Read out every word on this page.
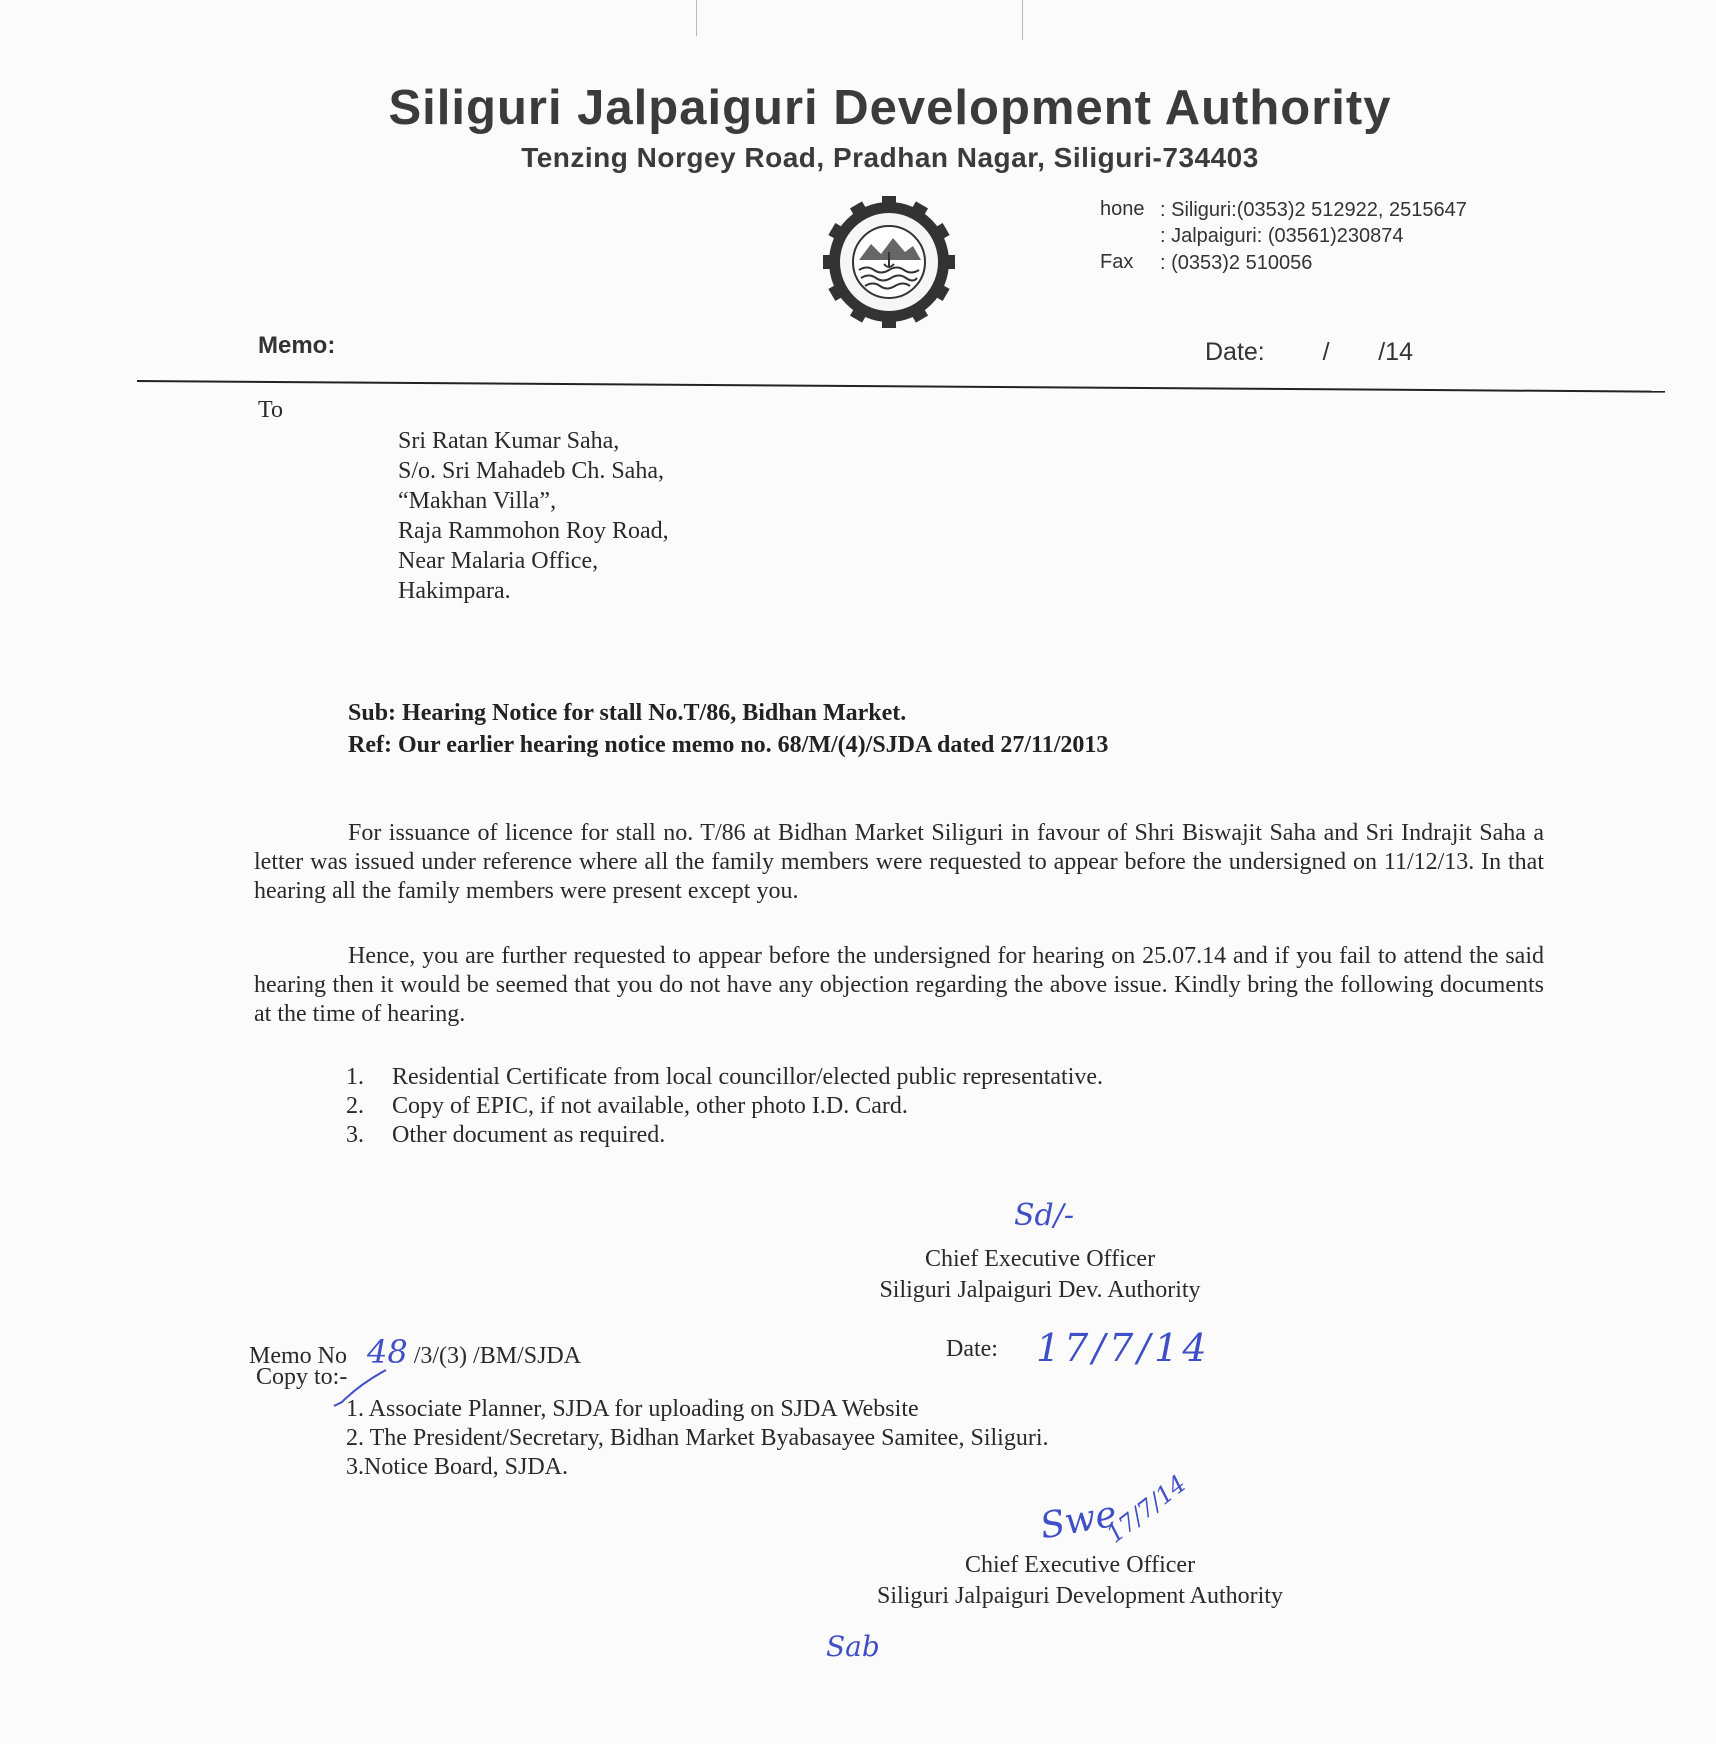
Siliguri Jalpaiguri Development Authority
Tenzing Norgey Road, Pradhan Nagar, Siliguri-734403
hone : Siliguri:(0353)2 512922, 2515647
: Jalpaiguri: (03561)230874
Fax : (0353)2 510056
Memo:	Date: /       /14
To
Sri Ratan Kumar Saha,
S/o. Sri Mahadeb Ch. Saha,
“Makhan Villa”,
Raja Rammohon Roy Road,
Near Malaria Office,
Hakimpara.
Sub: Hearing Notice for stall No.T/86, Bidhan Market.
Ref: Our earlier hearing notice memo no. 68/M/(4)/SJDA dated 27/11/2013
For issuance of licence for stall no. T/86 at Bidhan Market Siliguri in favour of Shri Biswajit Saha and Sri Indrajit Saha a letter was issued under reference where all the family members were requested to appear before the undersigned on 11/12/13. In that hearing all the family members were present except you.
Hence, you are further requested to appear before the undersigned for hearing on 25.07.14 and if you fail to attend the said hearing then it would be seemed that you do not have any objection regarding the above issue. Kindly bring the following documents at the time of hearing.
1. Residential Certificate from local councillor/elected public representative.
2. Copy of EPIC, if not available, other photo I.D. Card.
3. Other document as required.
Sd/-
Chief Executive Officer
Siliguri Jalpaiguri Dev. Authority
Memo No 48 /3/(3) /BM/SJDA	Date: 17/7/14
Copy to:-
1. Associate Planner, SJDA for uploading on SJDA Website
2. The President/Secretary, Bidhan Market Byabasayee Samitee, Siliguri.
3.Notice Board, SJDA.
Swe
17/7/14
Chief Executive Officer
Siliguri Jalpaiguri Development Authority
Sab
